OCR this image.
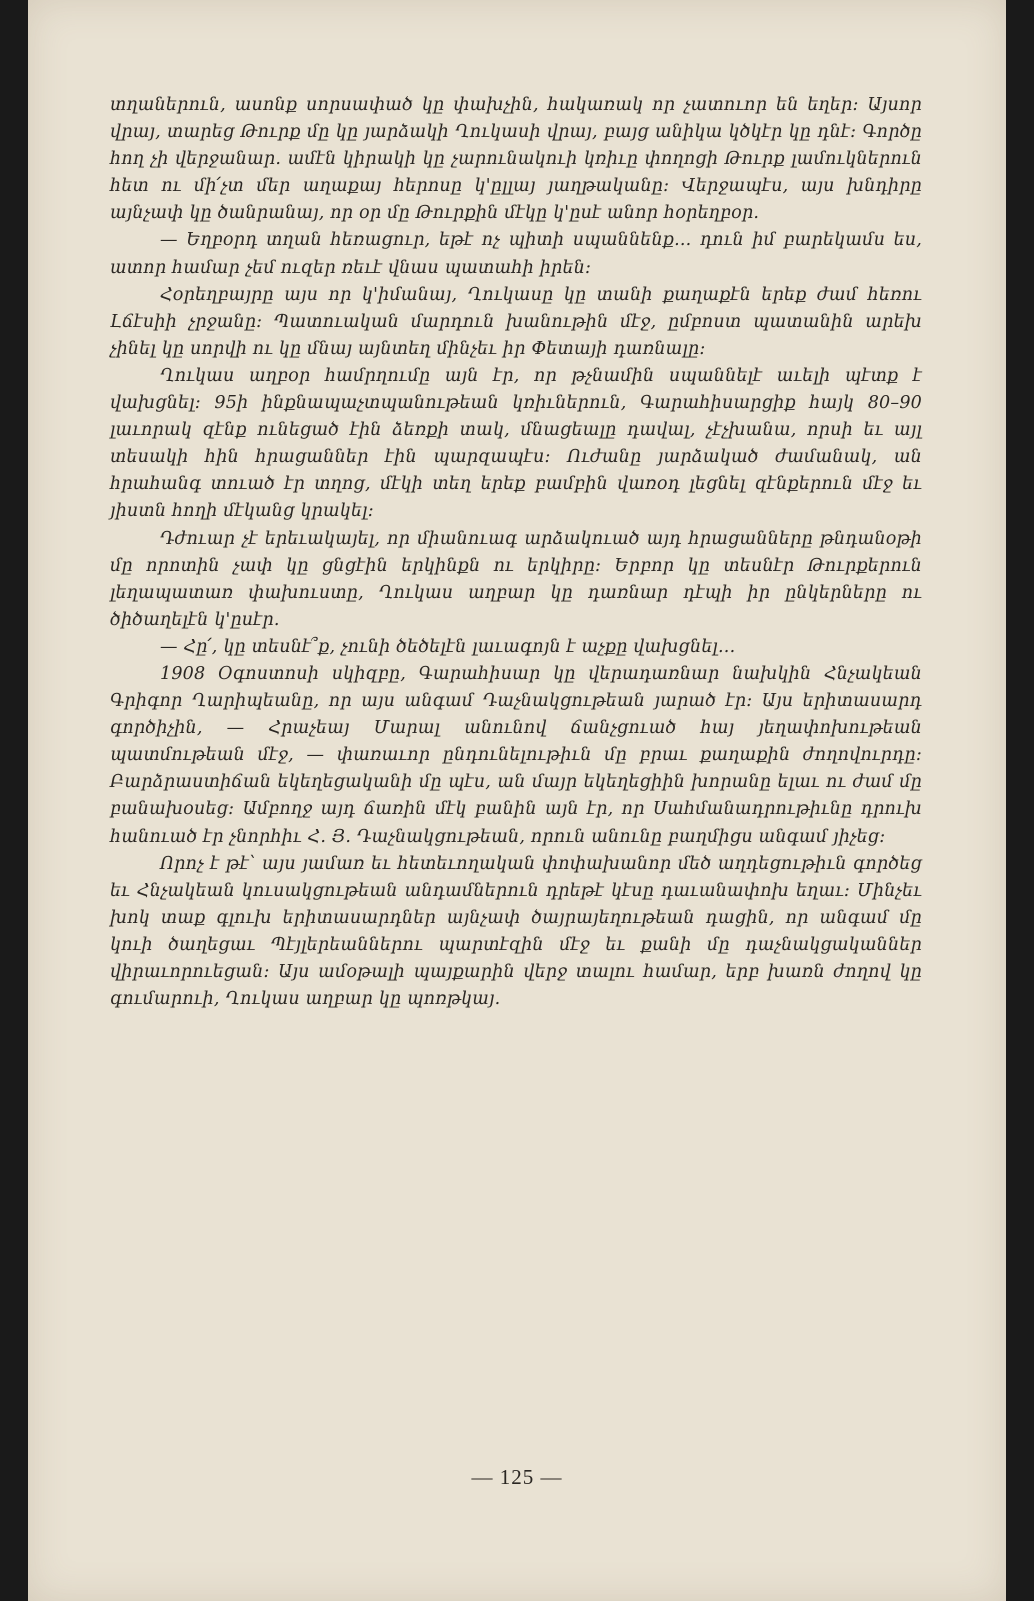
տղաներուն, ասոնք սորսափած կը փախչին, հակառակ որ չատուոր են եղեր։ Այսոր վրայ, տարեց Թուրք մը կը յարձակի Ղուկասի վրայ, բայց անիկա կծկէր կը դնէ։ Գործը հող չի վերջանար. ամէն կիրակի կը չարունակուի կռիւը փողոցի Թուրք լամուկներուն հետ ու մի՛չտ մեր աղաքայ հերոսը կ'ըլլայ յաղթականը։ Վերջապէս, այս խնդիրը այնչափ կը ծանրանայ, որ օր մը Թուրքին մէկը կ'ըսէ անոր հօրեղբօր.

— Եղբօրդ տղան հեռացուր, եթէ ոչ պիտի սպաննենք... դուն իմ բարեկամս ես, ատոր համար չեմ ուզեր ռեւէ վնաս պատահի իրեն։

Հօրեղբայրը այս որ կ'իմանայ, Ղուկասը կը տանի քաղաքէն երեք ժամ հեռու Լճէսիի չրջանը։ Պատուական մարդուն խանութին մէջ, ըմբոստ պատանին արեխ չինել կը սորվի ու կը մնայ այնտեղ մինչեւ իր Փետայի դառնալը։

Ղուկաս աղբօր համրղումը այն էր, որ թչնամին սպաննելէ աւելի պէտք է վախցնել։ 95ի ինքնապաչտպանութեան կռիւներուն, Գարահիսարցիք հայկ 80–90 լաւորակ զէնք ունեցած էին ձեռքի տակ, մնացեալը դավալ, չէչխանա, որսի եւ այլ տեսակի հին հրացաններ էին պարզապէս։ Ուժանը յարձակած ժամանակ, ան հրահանգ տուած էր տղոց, մէկի տեղ երեք բամբին վառօդ լեցնել զէնքերուն մէջ եւ յիստն հողի մէկանց կրակել։

Դժուար չէ երեւակայել, որ միանուագ արձակուած այդ հրացանները թնդանօթի մը որոտին չափ կը ցնցէին երկինքն ու երկիրը։ Երբոր կը տեսնէր Թուրքերուն լեղապատառ փախուստը, Ղուկաս աղբար կը դառնար դէպի իր ընկերները ու ծիծաղելէն կ'ըսէր.

— Հը՛, կը տեսնէ՞ք, չունի ծեծելէն լաւագոյն է աչքը վախցնել...

1908 Օգոստոսի սկիզբը, Գարահիսար կը վերադառնար նախկին Հնչակեան Գրիգոր Ղարիպեանը, որ այս անգամ Դաչնակցութեան յարած էր։ Այս երիտասարդ գործիչին, — Հրաչեայ Մարալ անունով ճանչցուած հայ յեղափոխութեան պատմութեան մէջ, — փառաւոր ընդունելութիւն մը բրաւ քաղաքին ժողովուրդը։ Բարձրաստիճան եկեղեցականի մը պէս, ան մայր եկեղեցիին խորանը ելաւ ու ժամ մը բանախօսեց։ Ամբողջ այդ ճառին մէկ բանին այն էր, որ Սահմանադրութիւնը դրուխ հանուած էր չնորհիւ Հ. Յ. Դաչնակցութեան, որուն անունը բաղմիցս անգամ յիչեց։

Որոչ է թէ՝ այս յամառ եւ հետեւողական փոփախանոր մեծ աղդեցութիւն գործեց եւ Հնչակեան կուսակցութեան անդամներուն դրեթէ կէսը դաւանափոխ եղաւ։ Մինչեւ խոկ տաք գլուխ երիտասարդներ այնչափ ծայրայեղութեան դացին, որ անգամ մը կուի ծաղեցաւ Պէյլերեաններու պարտէզին մէջ եւ քանի մը դաչնակցականներ վիրաւորուեցան։ Այս ամօթալի պայքարին վերջ տալու համար, երբ խառն ժողով կը գումարուի, Ղուկաս աղբար կը պոռթկայ.

— 125 —
